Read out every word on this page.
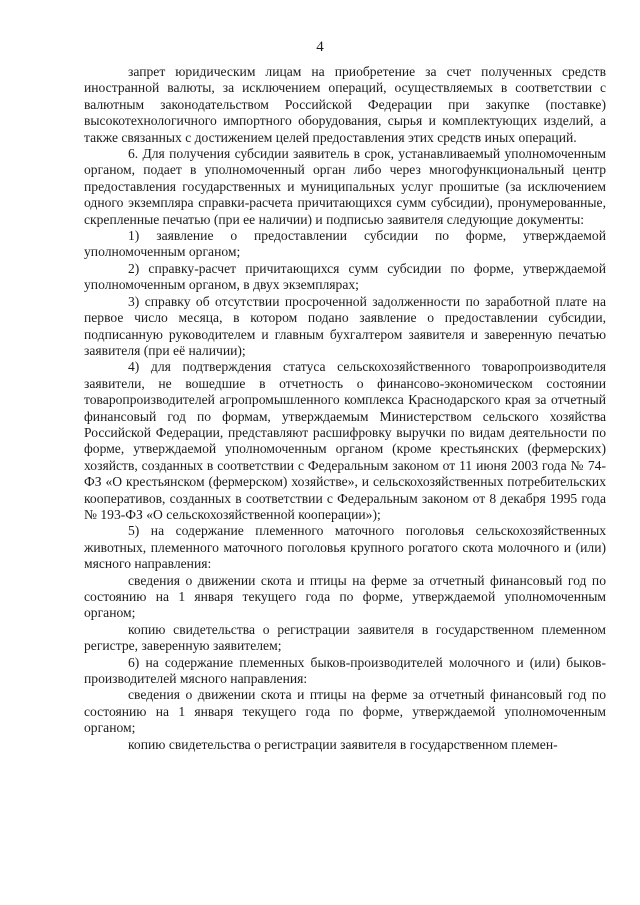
4

запрет юридическим лицам на приобретение за счет полученных средств иностранной валюты, за исключением операций, осуществляемых в соответствии с валютным законодательством Российской Федерации при закупке (поставке) высокотехнологичного импортного оборудования, сырья и комплектующих изделий, а также связанных с достижением целей предоставления этих средств иных операций.

6. Для получения субсидии заявитель в срок, устанавливаемый уполномоченным органом, подает в уполномоченный орган либо через многофункциональный центр предоставления государственных и муниципальных услуг прошитые (за исключением одного экземпляра справки-расчета причитающихся сумм субсидии), пронумерованные, скрепленные печатью (при ее наличии) и подписью заявителя следующие документы:

1) заявление о предоставлении субсидии по форме, утверждаемой уполномоченным органом;

2) справку-расчет причитающихся сумм субсидии по форме, утверждаемой уполномоченным органом, в двух экземплярах;

3) справку об отсутствии просроченной задолженности по заработной плате на первое число месяца, в котором подано заявление о предоставлении субсидии, подписанную руководителем и главным бухгалтером заявителя и заверенную печатью заявителя (при её наличии);

4) для подтверждения статуса сельскохозяйственного товаропроизводителя заявители, не вошедшие в отчетность о финансово-экономическом состоянии товаропроизводителей агропромышленного комплекса Краснодарского края за отчетный финансовый год по формам, утверждаемым Министерством сельского хозяйства Российской Федерации, представляют расшифровку выручки по видам деятельности по форме, утверждаемой уполномоченным органом (кроме крестьянских (фермерских) хозяйств, созданных в соответствии с Федеральным законом от 11 июня 2003 года № 74-ФЗ «О крестьянском (фермерском) хозяйстве», и сельскохозяйственных потребительских кооперативов, созданных в соответствии с Федеральным законом от 8 декабря 1995 года № 193-ФЗ «О сельскохозяйственной кооперации»);

5) на содержание племенного маточного поголовья сельскохозяйственных животных, племенного маточного поголовья крупного рогатого скота молочного и (или) мясного направления:

сведения о движении скота и птицы на ферме за отчетный финансовый год по состоянию на 1 января текущего года по форме, утверждаемой уполномоченным органом;

копию свидетельства о регистрации заявителя в государственном племенном регистре, заверенную заявителем;

6) на содержание племенных быков-производителей молочного и (или) быков-производителей мясного направления:

сведения о движении скота и птицы на ферме за отчетный финансовый год по состоянию на 1 января текущего года по форме, утверждаемой уполномоченным органом;

копию свидетельства о регистрации заявителя в государственном племен-
